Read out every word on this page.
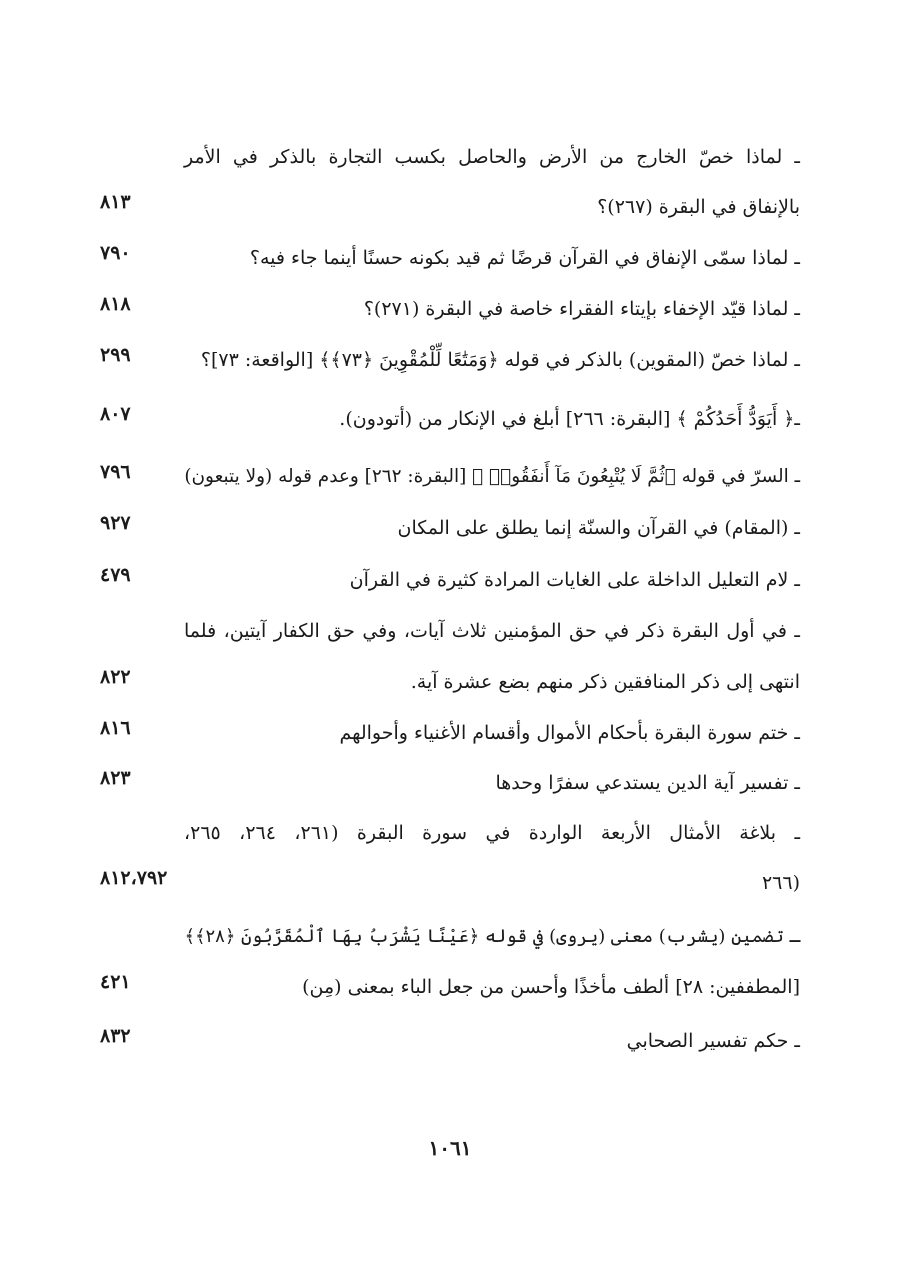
ـ لماذا خصّ الخارج من الأرض والحاصل بكسب التجارة بالذكر في الأمر
بالإنفاق في البقرة (٢٦٧)؟
٨١٣
ـ لماذا سمّى الإنفاق في القرآن قرضًا ثم قيد بكونه حسنًا أينما جاء فيه؟
٧٩٠
ـ لماذا قيّد الإخفاء بإيتاء الفقراء خاصة في البقرة (٢٧١)؟
٨١٨
ـ لماذا خصّ (المقوين) بالذكر في قوله ﴿وَمَتَٰعًا لِّلْمُقْوِينَ ﴿٧٣﴾﴾ [الواقعة: ٧٣]؟
٢٩٩
ـ﴿ أَيَوَدُّ أَحَدُكُمْ ﴾ [البقرة: ٢٦٦] أبلغ في الإنكار من (أتودون).
٨٠٧
ـ السرّ في قوله ﴿ثُمَّ لَا يُتْبِعُونَ مَآ أَنفَقُوا۟ ﴾ [البقرة: ٢٦٢] وعدم قوله (ولا يتبعون)
٧٩٦
ـ (المقام) في القرآن والسنّة إنما يطلق على المكان
٩٢٧
ـ لام التعليل الداخلة على الغايات المرادة كثيرة في القرآن
٤٧٩
ـ في أول البقرة ذكر في حق المؤمنين ثلاث آيات، وفي حق الكفار آيتين، فلما
انتهى إلى ذكر المنافقين ذكر منهم بضع عشرة آية.
٨٢٢
ـ ختم سورة البقرة بأحكام الأموال وأقسام الأغنياء وأحوالهم
٨١٦
ـ تفسير آية الدين يستدعي سفرًا وحدها
٨٢٣
ـ بلاغة الأمثال الأربعة الواردة في سورة البقرة (٢٦١، ٢٦٤، ٢٦٥،
(٢٦٦
٨١٢،٧٩٢
ـ تضمين (يشرب) معنى (يروى) في قوله ﴿عَيْنًا يَشْرَبُ بِهَا ٱلْمُقَرَّبُونَ ﴿٢٨﴾﴾
[المطففين: ٢٨] ألطف مأخذًا وأحسن من جعل الباء بمعنى (مِن)
٤٢١
ـ حكم تفسير الصحابي
٨٣٢
١٠٦١
